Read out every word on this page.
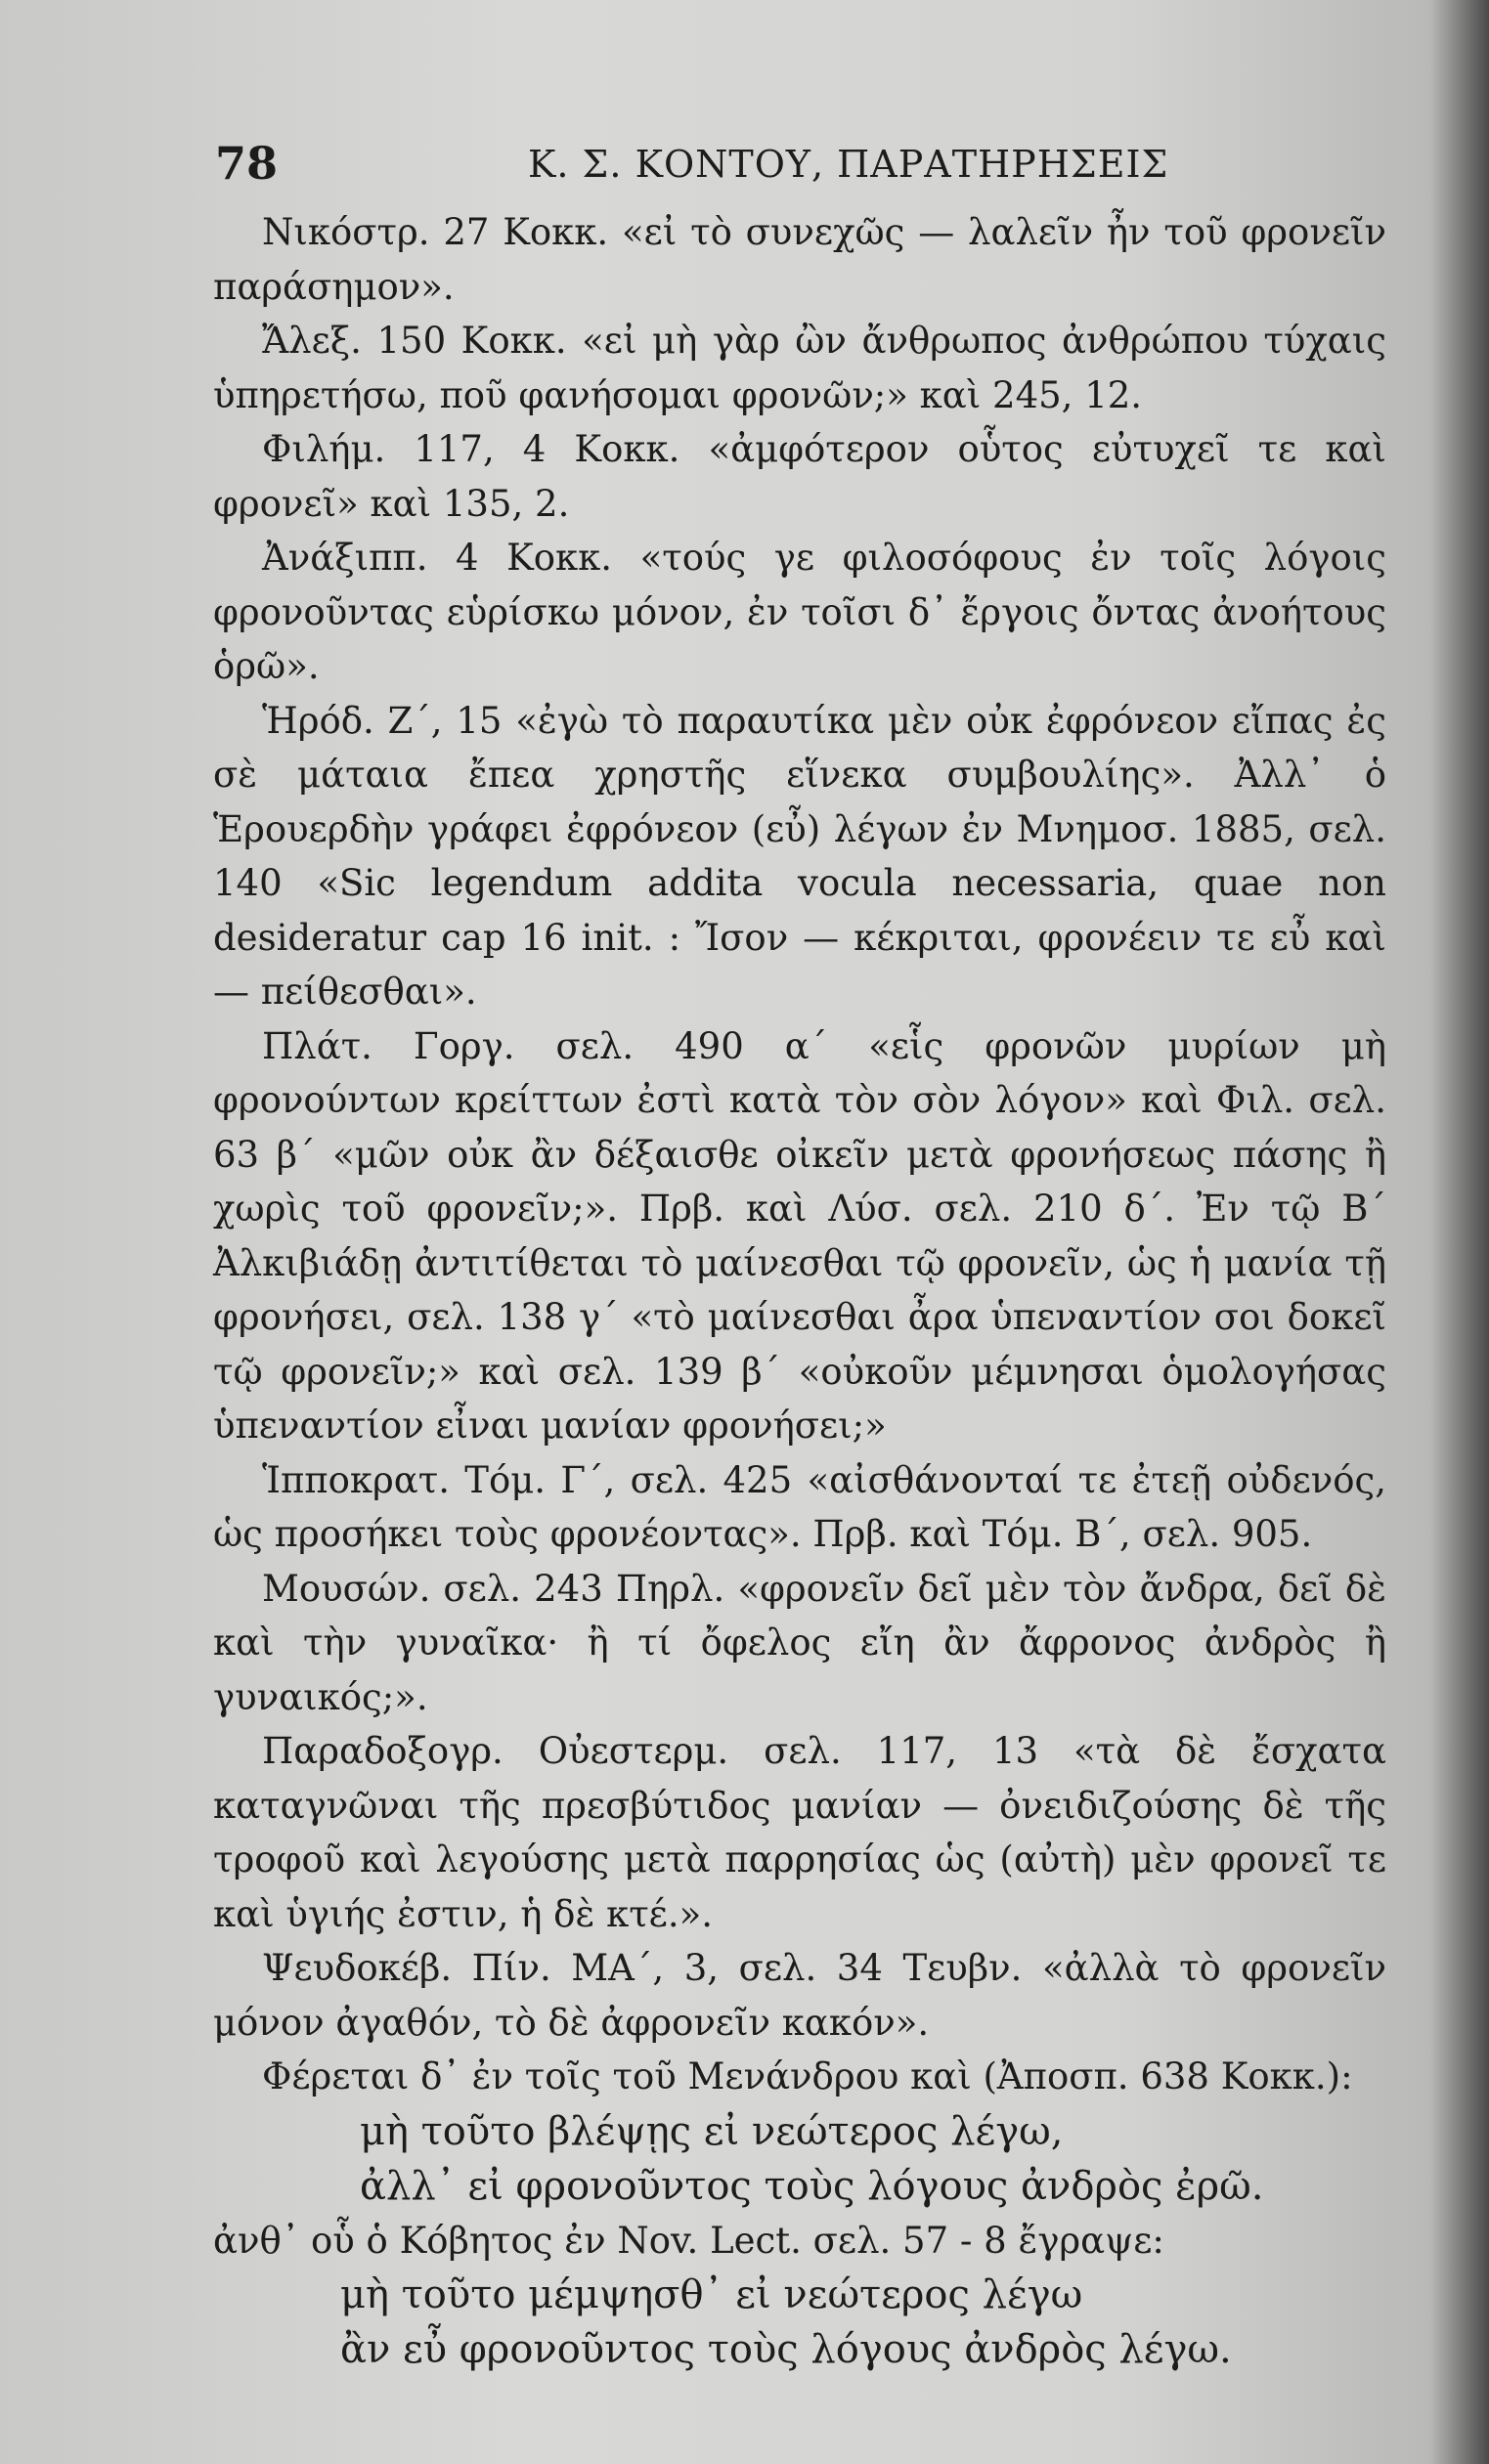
78	Κ. Σ. ΚΟΝΤΟΥ, ΠΑΡΑΤΗΡΗΣΕΙΣ

Νικόστρ. 27 Κοκκ. «εἰ τὸ συνεχῶς — λαλεῖν ἦν τοῦ φρονεῖν παράσημον».

Ἄλεξ. 150 Κοκκ. «εἰ μὴ γὰρ ὢν ἄνθρωπος ἀνθρώπου τύχαις ὑπηρετήσω, ποῦ φανήσομαι φρονῶν;» καὶ 245, 12.

Φιλήμ. 117, 4 Κοκκ. «ἀμφότερον οὗτος εὐτυχεῖ τε καὶ φρονεῖ» καὶ 135, 2.

Ἀνάξιππ. 4 Κοκκ. «τούς γε φιλοσόφους ἐν τοῖς λόγοις φρονοῦντας εὑρίσκω μόνον, ἐν τοῖσι δ᾽ ἔργοις ὄντας ἀνοήτους ὁρῶ».

Ἡρόδ. Ζ΄, 15 «ἐγὼ τὸ παραυτίκα μὲν οὐκ ἐφρόνεον εἴπας ἐς σὲ μάταια ἔπεα χρηστῆς εἵνεκα συμβουλίης». Ἀλλ᾽ ὁ Ἑρουερδὴν γράφει ἐφρόνεον (εὖ) λέγων ἐν Μνημοσ. 1885, σελ. 140 «Sic legendum addita vocula necessaria, quae non desideratur cap 16 init. : Ἴσον — κέκριται, φρονέειν τε εὖ καὶ — πείθεσθαι».

Πλάτ. Γοργ. σελ. 490 α΄ «εἷς φρονῶν μυρίων μὴ φρονούντων κρείττων ἐστὶ κατὰ τὸν σὸν λόγον» καὶ Φιλ. σελ. 63 β΄ «μῶν οὐκ ἂν δέξαισθε οἰκεῖν μετὰ φρονήσεως πάσης ἢ χωρὶς τοῦ φρονεῖν;». Πρβ. καὶ Λύσ. σελ. 210 δ΄. Ἐν τῷ Β΄ Ἀλκιβιάδῃ ἀντιτίθεται τὸ μαίνεσθαι τῷ φρονεῖν, ὡς ἡ μανία τῇ φρονήσει, σελ. 138 γ΄ «τὸ μαίνεσθαι ἆρα ὑπεναντίον σοι δοκεῖ τῷ φρονεῖν;» καὶ σελ. 139 β΄ «οὐκοῦν μέμνησαι ὁμολογήσας ὑπεναντίον εἶναι μανίαν φρονήσει;»

Ἱπποκρατ. Τόμ. Γ΄, σελ. 425 «αἰσθάνονταί τε ἐτεῇ οὐδενός, ὡς προσήκει τοὺς φρονέοντας». Πρβ. καὶ Τόμ. Β΄, σελ. 905.

Μουσών. σελ. 243 Πηρλ. «φρονεῖν δεῖ μὲν τὸν ἄνδρα, δεῖ δὲ καὶ τὴν γυναῖκα· ἢ τί ὄφελος εἴη ἂν ἄφρονος ἀνδρὸς ἢ γυναικός;».

Παραδοξογρ. Οὐεστερμ. σελ. 117, 13 «τὰ δὲ ἔσχατα καταγνῶναι τῆς πρεσβύτιδος μανίαν — ὀνειδιζούσης δὲ τῆς τροφοῦ καὶ λεγούσης μετὰ παρρησίας ὡς (αὐτὴ) μὲν φρονεῖ τε καὶ ὑγιής ἐστιν, ἡ δὲ κτέ.».

Ψευδοκέβ. Πίν. ΜΑ΄, 3, σελ. 34 Τευβν. «ἀλλὰ τὸ φρονεῖν μόνον ἀγαθόν, τὸ δὲ ἀφρονεῖν κακόν».

Φέρεται δ᾽ ἐν τοῖς τοῦ Μενάνδρου καὶ (Ἀποσπ. 638 Κοκκ.):

μὴ τοῦτο βλέψῃς εἰ νεώτερος λέγω,

ἀλλ᾽ εἰ φρονοῦντος τοὺς λόγους ἀνδρὸς ἐρῶ.

ἀνθ᾽ οὗ ὁ Κόβητος ἐν Nov. Lect. σελ. 57 - 8 ἔγραψε:

μὴ τοῦτο μέμψησθ᾽ εἰ νεώτερος λέγω

ἂν εὖ φρονοῦντος τοὺς λόγους ἀνδρὸς λέγω.
